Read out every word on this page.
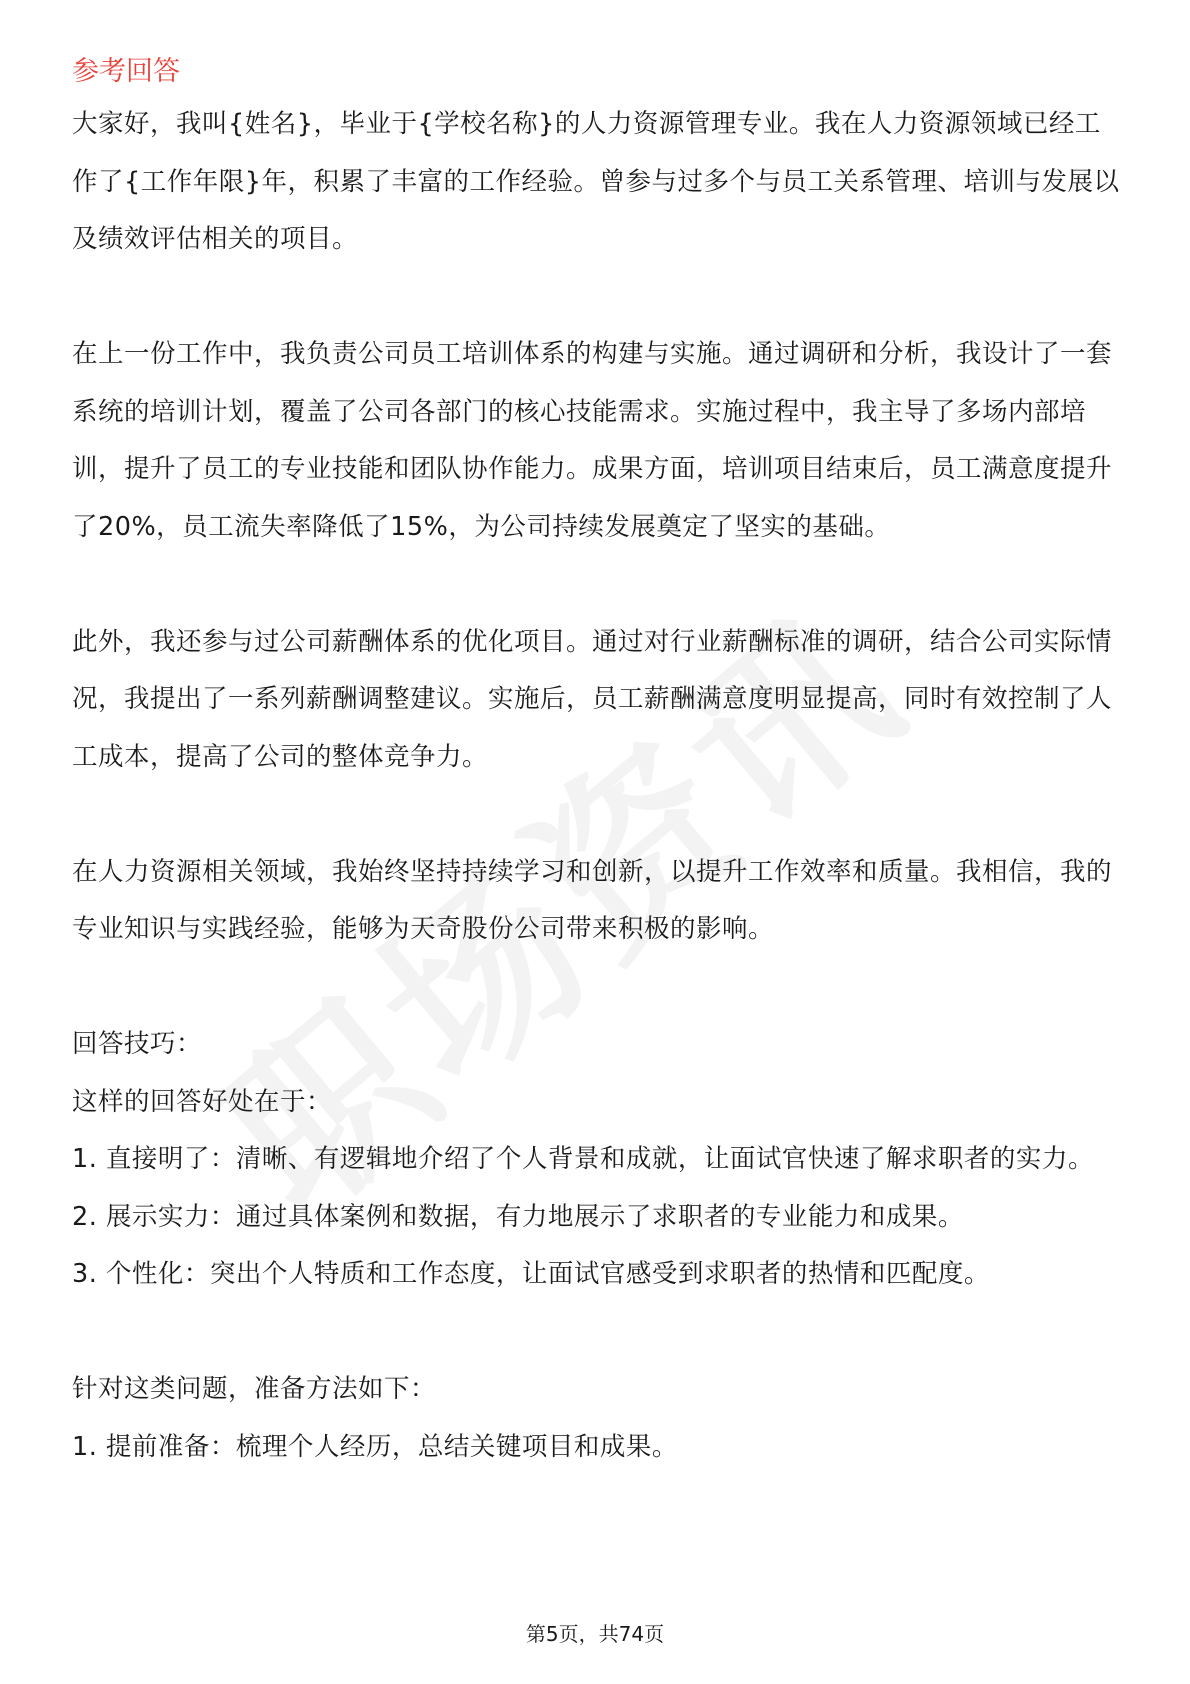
参考回答

大家好，我叫{姓名}，毕业于{学校名称}的人力资源管理专业。我在人力资源领域已经工作了{工作年限}年，积累了丰富的工作经验。曾参与过多个与员工关系管理、培训与发展以及绩效评估相关的项目。

在上一份工作中，我负责公司员工培训体系的构建与实施。通过调研和分析，我设计了一套系统的培训计划，覆盖了公司各部门的核心技能需求。实施过程中，我主导了多场内部培训，提升了员工的专业技能和团队协作能力。成果方面，培训项目结束后，员工满意度提升了20%，员工流失率降低了15%，为公司持续发展奠定了坚实的基础。

此外，我还参与过公司薪酬体系的优化项目。通过对行业薪酬标准的调研，结合公司实际情况，我提出了一系列薪酬调整建议。实施后，员工薪酬满意度明显提高，同时有效控制了人工成本，提高了公司的整体竞争力。

在人力资源相关领域，我始终坚持持续学习和创新，以提升工作效率和质量。我相信，我的专业知识与实践经验，能够为天奇股份公司带来积极的影响。

回答技巧：

这样的回答好处在于：

1. 直接明了：清晰、有逻辑地介绍了个人背景和成就，让面试官快速了解求职者的实力。

2. 展示实力：通过具体案例和数据，有力地展示了求职者的专业能力和成果。

3. 个性化：突出个人特质和工作态度，让面试官感受到求职者的热情和匹配度。

针对这类问题，准备方法如下：

1. 提前准备：梳理个人经历，总结关键项目和成果。

第5页，共74页
